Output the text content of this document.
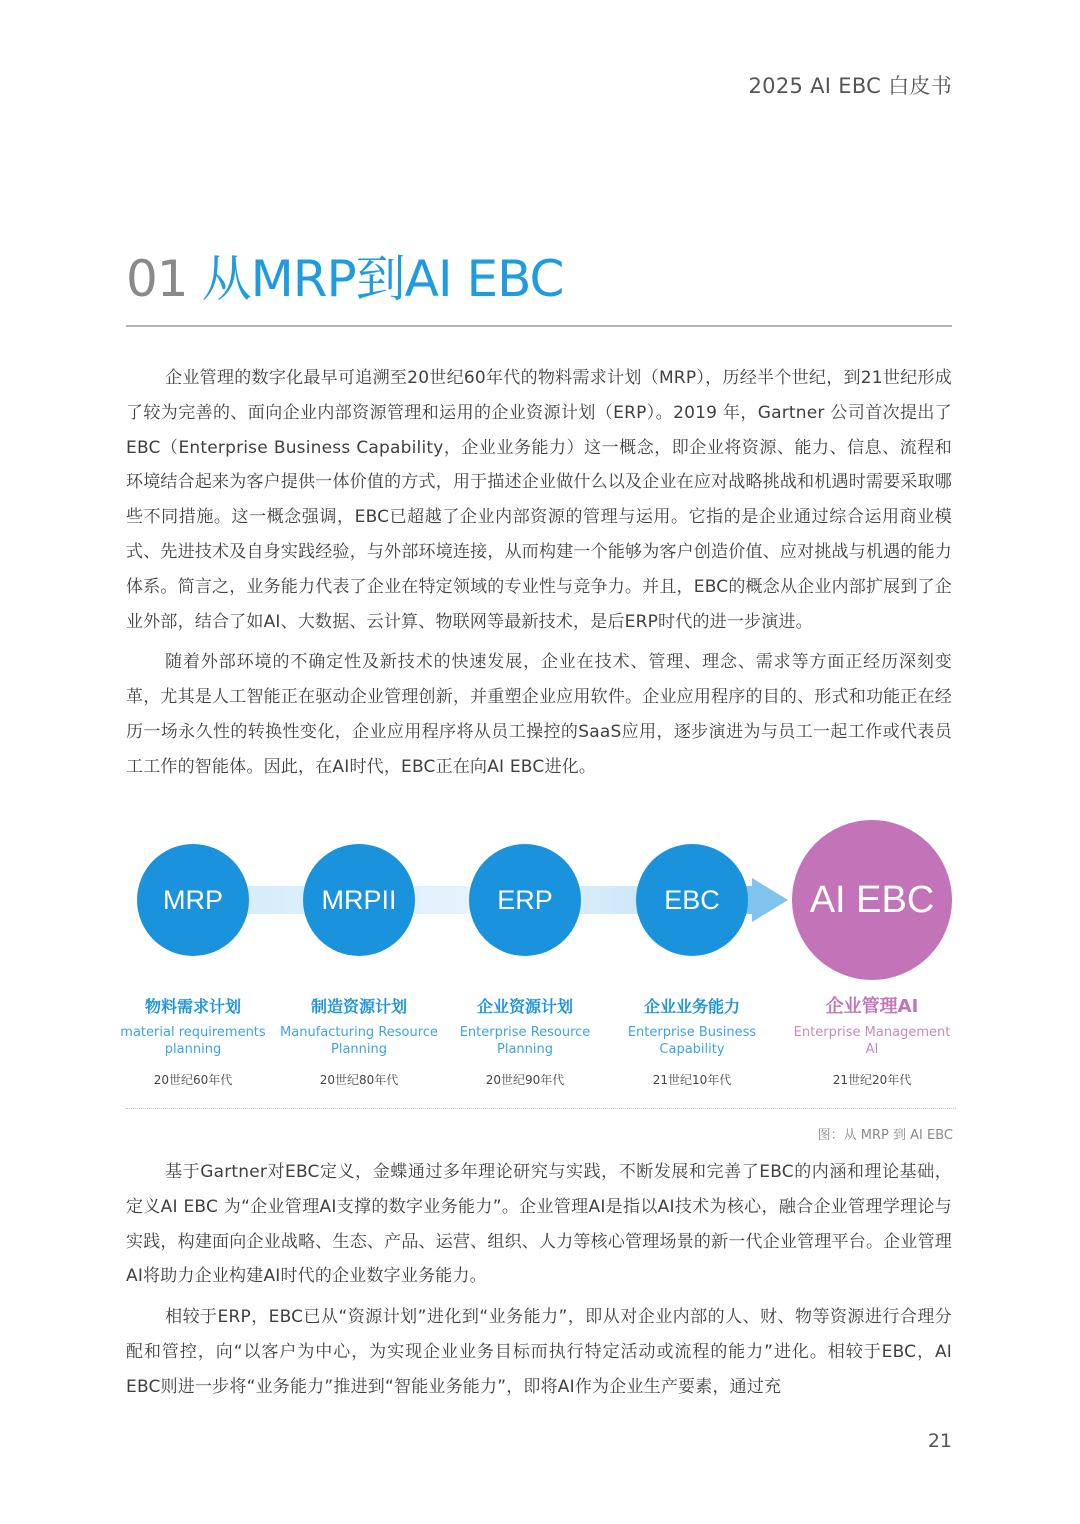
2025 AI EBC 白皮书
01 从MRP到AI EBC

企业管理的数字化最早可追溯至20世纪60年代的物料需求计划（MRP），历经半个世纪，到21世纪形成了较为完善的、面向企业内部资源管理和运用的企业资源计划（ERP）。2019 年，Gartner 公司首次提出了EBC（Enterprise Business Capability，企业业务能力）这一概念，即企业将资源、能力、信息、流程和环境结合起来为客户提供一体价值的方式，用于描述企业做什么以及企业在应对战略挑战和机遇时需要采取哪些不同措施。这一概念强调，EBC已超越了企业内部资源的管理与运用。它指的是企业通过综合运用商业模式、先进技术及自身实践经验，与外部环境连接，从而构建一个能够为客户创造价值、应对挑战与机遇的能力体系。简言之，业务能力代表了企业在特定领域的专业性与竞争力。并且，EBC的概念从企业内部扩展到了企业外部，结合了如AI、大数据、云计算、物联网等最新技术，是后ERP时代的进一步演进。

随着外部环境的不确定性及新技术的快速发展，企业在技术、管理、理念、需求等方面正经历深刻变革，尤其是人工智能正在驱动企业管理创新，并重塑企业应用软件。企业应用程序的目的、形式和功能正在经历一场永久性的转换性变化，企业应用程序将从员工操控的SaaS应用，逐步演进为与员工一起工作或代表员工工作的智能体。因此，在AI时代，EBC正在向AI EBC进化。

MRP
物料需求计划
material requirements planning
20世纪60年代
MRPII
制造资源计划
Manufacturing Resource Planning
20世纪80年代
ERP
企业资源计划
Enterprise Resource Planning
20世纪90年代
EBC
企业业务能力
Enterprise Business Capability
21世纪10年代
AI EBC
企业管理AI
Enterprise Management AI
21世纪20年代
图：从 MRP 到 AI EBC

基于Gartner对EBC定义，金蝶通过多年理论研究与实践，不断发展和完善了EBC的内涵和理论基础，定义AI EBC 为“企业管理AI支撑的数字业务能力”。企业管理AI是指以AI技术为核心，融合企业管理学理论与实践，构建面向企业战略、生态、产品、运营、组织、人力等核心管理场景的新一代企业管理平台。企业管理AI将助力企业构建AI时代的企业数字业务能力。

相较于ERP，EBC已从“资源计划”进化到“业务能力”，即从对企业内部的人、财、物等资源进行合理分配和管控，向“以客户为中心，为实现企业业务目标而执行特定活动或流程的能力”进化。相较于EBC，AI EBC则进一步将“业务能力”推进到“智能业务能力”，即将AI作为企业生产要素，通过充

21
